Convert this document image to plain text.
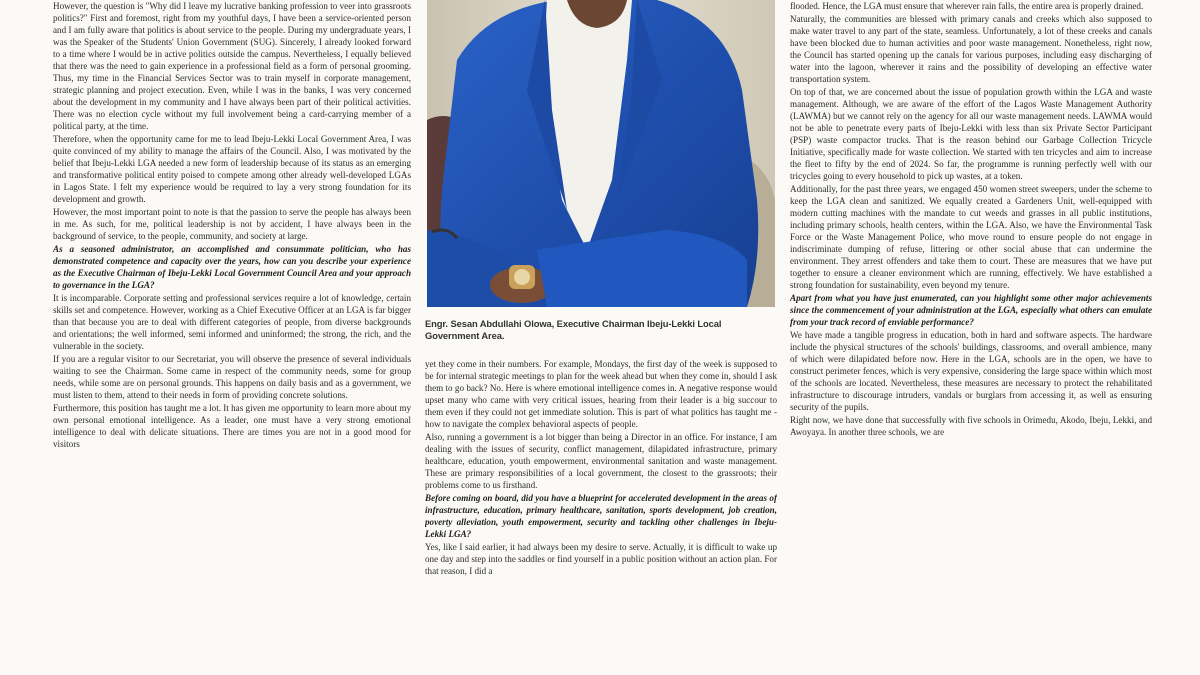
However, the question is "Why did I leave my lucrative banking profession to veer into grassroots politics?" First and foremost, right from my youthful days, I have been a service-oriented person and I am fully aware that politics is about service to the people. During my undergraduate years, I was the Speaker of the Students' Union Government (SUG). Sincerely, I already looked forward to a time where I would be in active politics outside the campus. Nevertheless, I equally believed that there was the need to gain experience in a professional field as a form of personal grooming. Thus, my time in the Financial Services Sector was to train myself in corporate management, strategic planning and project execution. Even, while I was in the banks, I was very concerned about the development in my community and I have always been part of their political activities. There was no election cycle without my full involvement being a card-carrying member of a political party, at the time.

Therefore, when the opportunity came for me to lead Ibeju-Lekki Local Government Area, I was quite convinced of my ability to manage the affairs of the Council. Also, I was motivated by the belief that Ibeju-Lekki LGA needed a new form of leadership because of its status as an emerging and transformative political entity poised to compete among other already well-developed LGAs in Lagos State. I felt my experience would be required to lay a very strong foundation for its development and growth.

However, the most important point to note is that the passion to serve the people has always been in me. As such, for me, political leadership is not by accident, I have always been in the background of service, to the people, community, and society at large.

As a seasoned administrator, an accomplished and consummate politician, who has demonstrated competence and capacity over the years, how can you describe your experience as the Executive Chairman of Ibeju-Lekki Local Government Council Area and your approach to governance in the LGA?

It is incomparable. Corporate setting and professional services require a lot of knowledge, certain skills set and competence. However, working as a Chief Executive Officer at an LGA is far bigger than that because you are to deal with different categories of people, from diverse backgrounds and orientations; the well informed, semi informed and uninformed; the strong, the rich, and the vulnerable in the society.

If you are a regular visitor to our Secretariat, you will observe the presence of several individuals waiting to see the Chairman. Some came in respect of the community needs, some for group needs, while some are on personal grounds. This happens on daily basis and as a government, we must listen to them, attend to their needs in form of providing concrete solutions.

Furthermore, this position has taught me a lot. It has given me opportunity to learn more about my own personal emotional intelligence. As a leader, one must have a very strong emotional intelligence to deal with delicate situations. There are times you are not in a good mood for visitors

Engr. Sesan Abdullahi Olowa, Executive Chairman Ibeju-Lekki Local Government Area.

yet they come in their numbers. For example, Mondays, the first day of the week is supposed to be for internal strategic meetings to plan for the week ahead but when they come in, should I ask them to go back? No. Here is where emotional intelligence comes in. A negative response would upset many who came with very critical issues, hearing from their leader is a big succour to them even if they could not get immediate solution. This is part of what politics has taught me - how to navigate the complex behavioral aspects of people.

Also, running a government is a lot bigger than being a Director in an office. For instance, I am dealing with the issues of security, conflict management, dilapidated infrastructure, primary healthcare, education, youth empowerment, environmental sanitation and waste management. These are primary responsibilities of a local government, the closest to the grassroots; their problems come to us firsthand.

Before coming on board, did you have a blueprint for accelerated development in the areas of infrastructure, education, primary healthcare, sanitation, sports development, job creation, poverty alleviation, youth empowerment, security and tackling other challenges in Ibeju-Lekki LGA?

Yes, like I said earlier, it had always been my desire to serve. Actually, it is difficult to wake up one day and step into the saddles or find yourself in a public position without an action plan. For that reason, I did a

flooded. Hence, the LGA must ensure that wherever rain falls, the entire area is properly drained.

Naturally, the communities are blessed with primary canals and creeks which also supposed to make water travel to any part of the state, seamless. Unfortunately, a lot of these creeks and canals have been blocked due to human activities and poor waste management. Nonetheless, right now, the Council has started opening up the canals for various purposes, including easy discharging of water into the lagoon, wherever it rains and the possibility of developing an effective water transportation system.

On top of that, we are concerned about the issue of population growth within the LGA and waste management. Although, we are aware of the effort of the Lagos Waste Management Authority (LAWMA) but we cannot rely on the agency for all our waste management needs. LAWMA would not be able to penetrate every parts of Ibeju-Lekki with less than six Private Sector Participant (PSP) waste compactor trucks. That is the reason behind our Garbage Collection Tricycle Initiative, specifically made for waste collection. We started with ten tricycles and aim to increase the fleet to fifty by the end of 2024. So far, the programme is running perfectly well with our tricycles going to every household to pick up wastes, at a token.

Additionally, for the past three years, we engaged 450 women street sweepers, under the scheme to keep the LGA clean and sanitized. We equally created a Gardeners Unit, well-equipped with modern cutting machines with the mandate to cut weeds and grasses in all public institutions, including primary schools, health centers, within the LGA. Also, we have the Environmental Task Force or the Waste Management Police, who move round to ensure people do not engage in indiscriminate dumping of refuse, littering or other social abuse that can undermine the environment. They arrest offenders and take them to court. These are measures that we have put together to ensure a cleaner environment which are running, effectively. We have established a strong foundation for sustainability, even beyond my tenure.

Apart from what you have just enumerated, can you highlight some other major achievements since the commencement of your administration at the LGA, especially what others can emulate from your track record of enviable performance?

We have made a tangible progress in education, both in hard and software aspects. The hardware include the physical structures of the schools' buildings, classrooms, and overall ambience, many of which were dilapidated before now. Here in the LGA, schools are in the open, we have to construct perimeter fences, which is very expensive, considering the large space within which most of the schools are located. Nevertheless, these measures are necessary to protect the rehabilitated infrastructure to discourage intruders, vandals or burglars from accessing it, as well as ensuring security of the pupils.

Right now, we have done that successfully with five schools in Orimedu, Akodo, Ibeju, Lekki, and Awoyaya. In another three schools, we are
